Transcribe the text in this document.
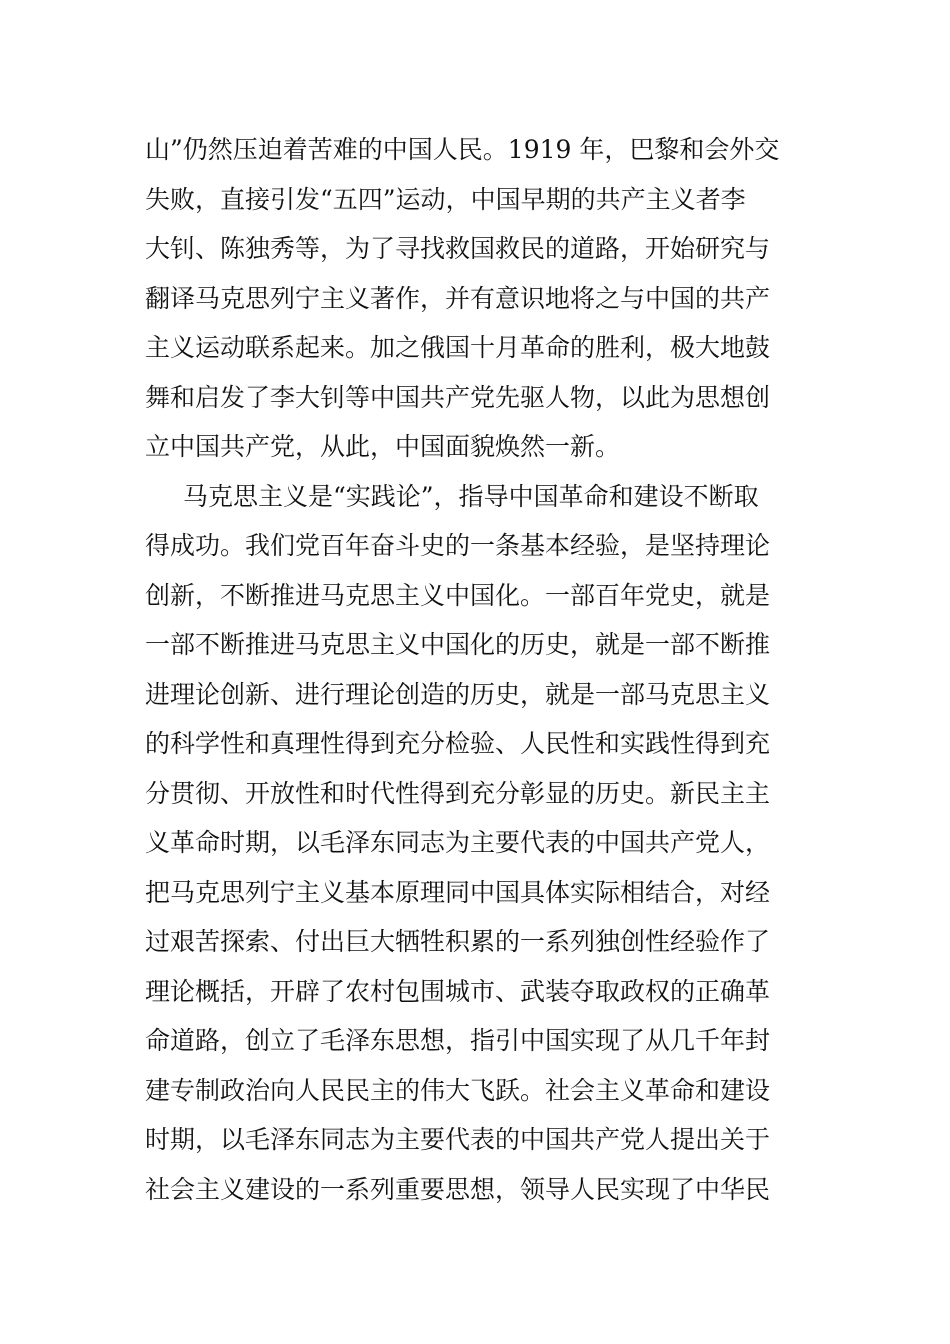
山”仍然压迫着苦难的中国人民。1919 年，巴黎和会外交
失败，直接引发“五四”运动，中国早期的共产主义者李
大钊、陈独秀等，为了寻找救国救民的道路，开始研究与
翻译马克思列宁主义著作，并有意识地将之与中国的共产
主义运动联系起来。加之俄国十月革命的胜利，极大地鼓
舞和启发了李大钊等中国共产党先驱人物，以此为思想创
立中国共产党，从此，中国面貌焕然一新。
马克思主义是“实践论”，指导中国革命和建设不断取
得成功。我们党百年奋斗史的一条基本经验，是坚持理论
创新，不断推进马克思主义中国化。一部百年党史，就是
一部不断推进马克思主义中国化的历史，就是一部不断推
进理论创新、进行理论创造的历史，就是一部马克思主义
的科学性和真理性得到充分检验、人民性和实践性得到充
分贯彻、开放性和时代性得到充分彰显的历史。新民主主
义革命时期，以毛泽东同志为主要代表的中国共产党人，
把马克思列宁主义基本原理同中国具体实际相结合，对经
过艰苦探索、付出巨大牺牲积累的一系列独创性经验作了
理论概括，开辟了农村包围城市、武装夺取政权的正确革
命道路，创立了毛泽东思想，指引中国实现了从几千年封
建专制政治向人民民主的伟大飞跃。社会主义革命和建设
时期，以毛泽东同志为主要代表的中国共产党人提出关于
社会主义建设的一系列重要思想，领导人民实现了中华民
